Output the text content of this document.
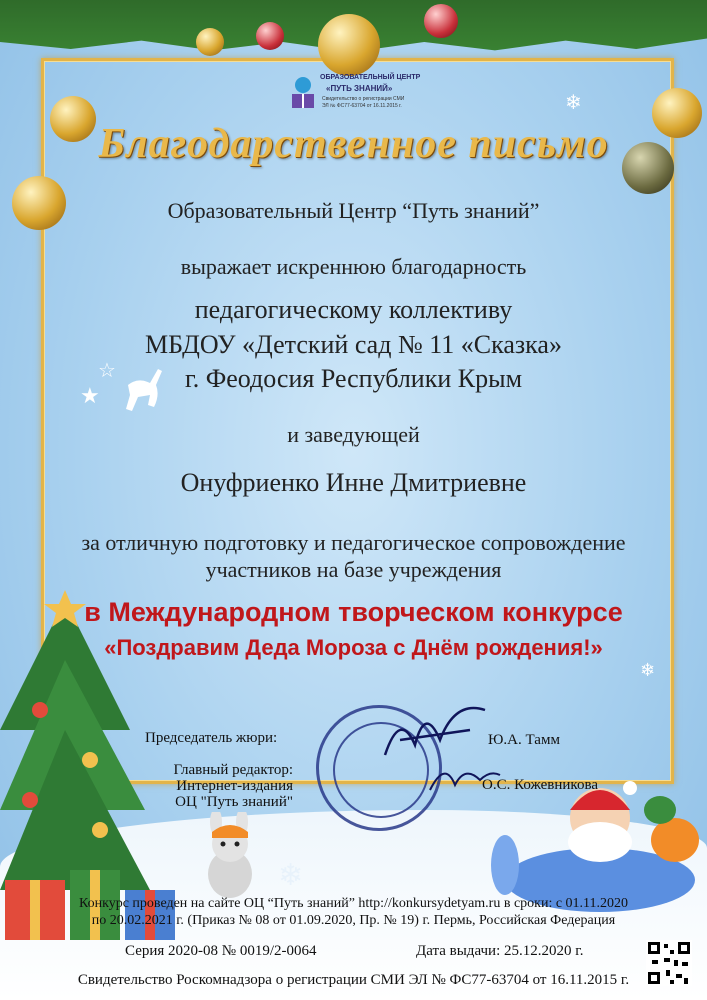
☆
★
❄
❄
❄
ОБРАЗОВАТЕЛЬНЫЙ ЦЕНТР
«ПУТЬ ЗНАНИЙ»
Свидетельство о регистрации СМИ
ЭЛ № ФС77-63704 от 16.11.2015 г.
Благодарственное письмо
Образовательный Центр “Путь знаний”
выражает искреннюю благодарность
педагогическому коллективу
МБДОУ «Детский сад № 11 «Сказка»
г. Феодосия Республики Крым
и заведующей
Онуфриенко Инне Дмитриевне
за отличную подготовку и педагогическое сопровождение
участников на базе учреждения
в Международном творческом конкурсе
«Поздравим Деда Мороза с Днём рождения!»
Председатель жюри:	Ю.А. Тамм
Главный редактор:
Интернет-издания
ОЦ "Путь знаний"
О.С. Кожевникова
Конкурс проведен на сайте ОЦ “Путь знаний” http://konkursydetyam.ru в сроки: с 01.11.2020
по 20.02.2021 г. (Приказ № 08 от 01.09.2020, Пр. № 19) г. Пермь, Российская Федерация
Серия 2020-08 № 0019/2-0064	Дата выдачи: 25.12.2020 г.
Свидетельство Роскомнадзора о регистрации СМИ ЭЛ № ФС77-63704 от 16.11.2015 г.
